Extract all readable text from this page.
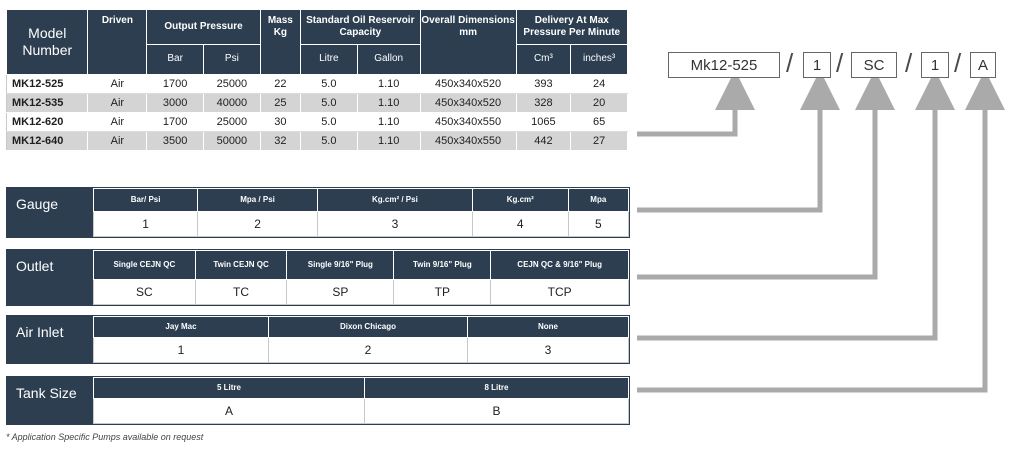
Model Number	Driven	Output Pressure		Mass Kg	Standard Oil Reservoir Capacity		Overall Dimensions mm	Delivery At Max Pressure Per Minute	
		Bar	Psi		Litre	Gallon		Cm³	inches³
MK12-525	Air	1700	25000	22	5.0	1.10	450x340x520	393	24
MK12-535	Air	3000	40000	25	5.0	1.10	450x340x520	328	20
MK12-620	Air	1700	25000	30	5.0	1.10	450x340x550	1065	65
MK12-640	Air	3500	50000	32	5.0	1.10	450x340x550	442	27
Gauge	Bar/ Psi	Mpa / Psi	Kg.cm² / Psi	Kg.cm²	Mpa
1	2	3	4	5
Outlet	Single CEJN QC	Twin CEJN QC	Single 9/16" Plug	Twin 9/16" Plug	CEJN QC & 9/16" Plug
SC	TC	SP	TP	TCP
Air Inlet	Jay Mac	Dixon Chicago	None
1	2	3
Tank Size	5 Litre	8 Litre
A	B
Mk12-525	/	1 /	SC /	1 /	A
* Application Specific Pumps available on request
